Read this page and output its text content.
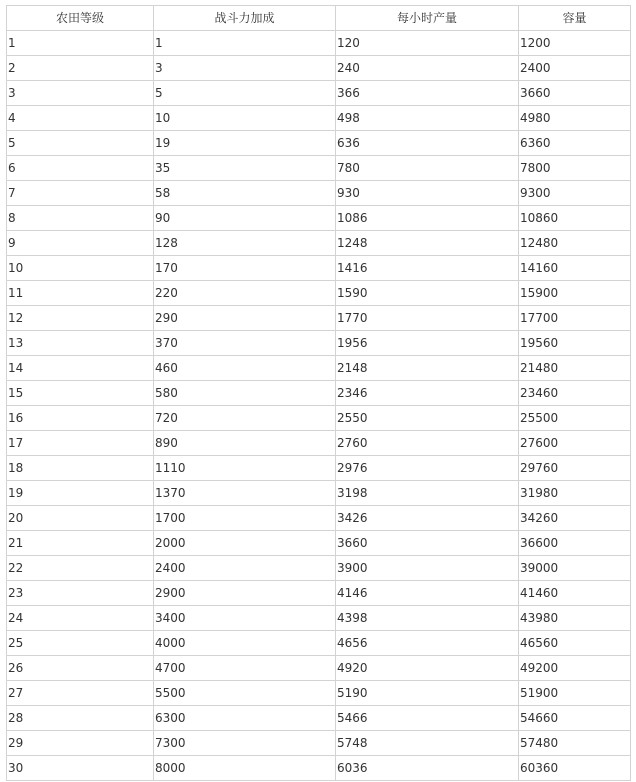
农田等级	战斗力加成	每小时产量	容量
1	1	120	1200
2	3	240	2400
3	5	366	3660
4	10	498	4980
5	19	636	6360
6	35	780	7800
7	58	930	9300
8	90	1086	10860
9	128	1248	12480
10	170	1416	14160
11	220	1590	15900
12	290	1770	17700
13	370	1956	19560
14	460	2148	21480
15	580	2346	23460
16	720	2550	25500
17	890	2760	27600
18	1110	2976	29760
19	1370	3198	31980
20	1700	3426	34260
21	2000	3660	36600
22	2400	3900	39000
23	2900	4146	41460
24	3400	4398	43980
25	4000	4656	46560
26	4700	4920	49200
27	5500	5190	51900
28	6300	5466	54660
29	7300	5748	57480
30	8000	6036	60360
